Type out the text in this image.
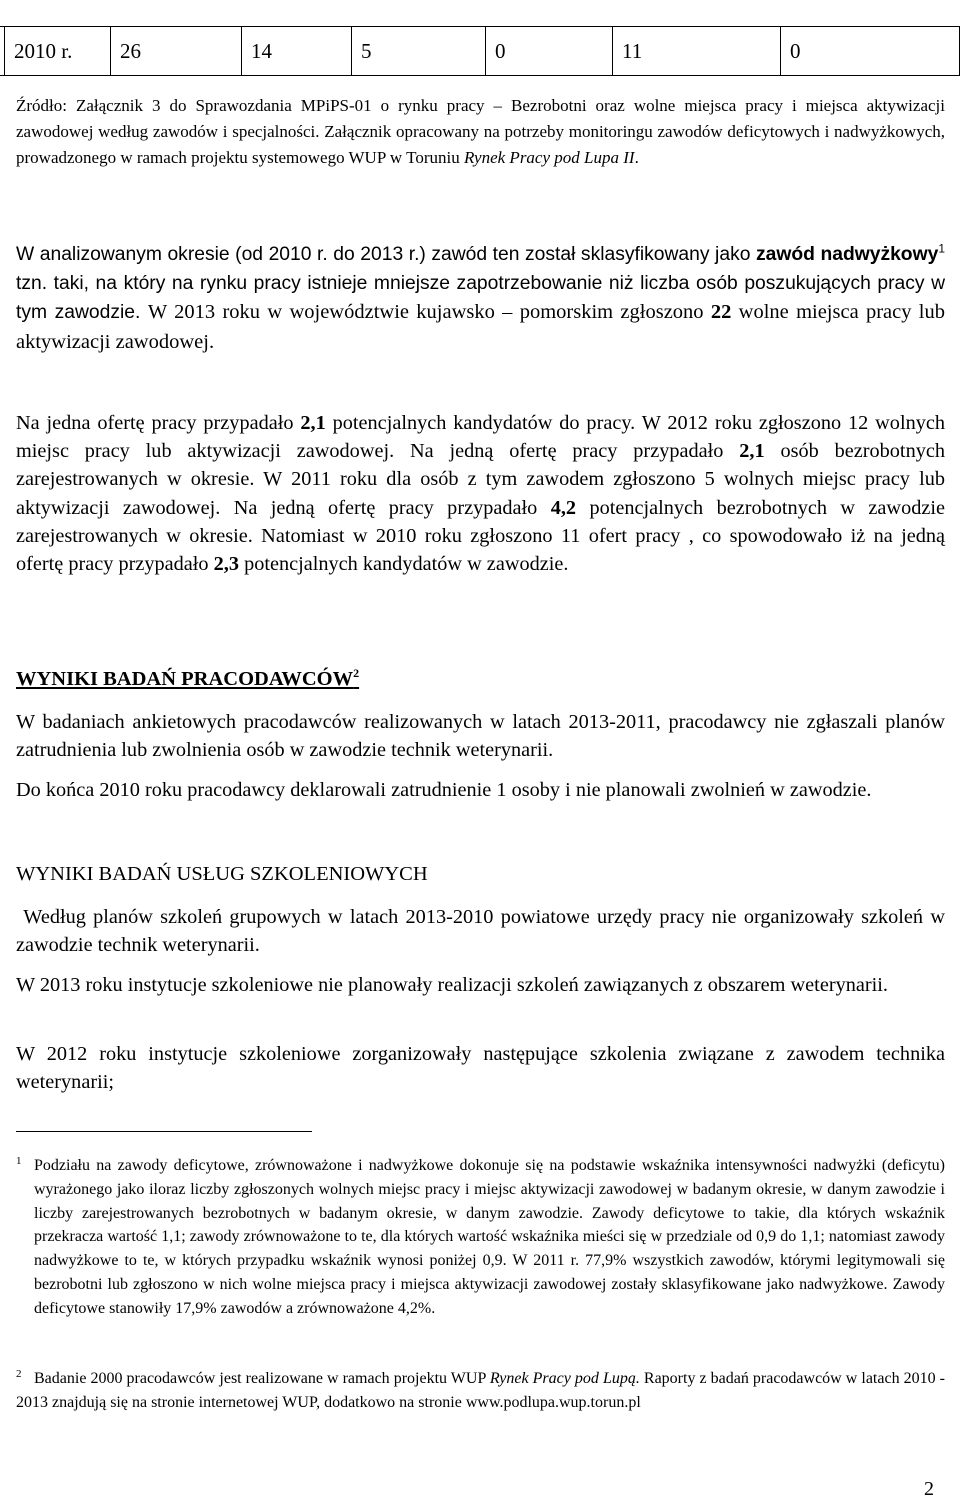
2010 r.	26	14	5	0	11	0
Źródło: Załącznik 3 do Sprawozdania MPiPS-01 o rynku pracy – Bezrobotni oraz wolne miejsca pracy i miejsca aktywizacji zawodowej według zawodów i specjalności. Załącznik opracowany na potrzeby monitoringu zawodów deficytowych i nadwyżkowych, prowadzonego w ramach projektu systemowego WUP w Toruniu Rynek Pracy pod Lupa II.
W analizowanym okresie (od 2010 r. do 2013 r.) zawód ten został sklasyfikowany jako zawód nadwyżkowy$^1$ tzn. taki, na który na rynku pracy istnieje mniejsze zapotrzebowanie niż liczba osób poszukujących pracy w tym zawodzie. W 2013 roku w województwie kujawsko – pomorskim zgłoszono 22 wolne miejsca pracy lub aktywizacji zawodowej.
Na jedna ofertę pracy przypadało 2,1 potencjalnych kandydatów do pracy. W 2012 roku zgłoszono 12 wolnych miejsc pracy lub aktywizacji zawodowej. Na jedną ofertę pracy przypadało 2,1 osób bezrobotnych zarejestrowanych w okresie. W 2011 roku dla osób z tym zawodem zgłoszono 5 wolnych miejsc pracy lub aktywizacji zawodowej. Na jedną ofertę pracy przypadało 4,2 potencjalnych bezrobotnych w zawodzie zarejestrowanych w okresie. Natomiast w 2010 roku zgłoszono 11 ofert pracy , co spowodowało iż na jedną ofertę pracy przypadało 2,3 potencjalnych kandydatów w zawodzie.
WYNIKI BADAŃ PRACODAWCÓW$^2$
W badaniach ankietowych pracodawców realizowanych w latach 2013-2011, pracodawcy nie zgłaszali planów zatrudnienia lub zwolnienia osób w zawodzie technik weterynarii.
Do końca 2010 roku pracodawcy deklarowali zatrudnienie 1 osoby i nie planowali zwolnień w zawodzie.
WYNIKI BADAŃ USŁUG SZKOLENIOWYCH
Według planów szkoleń grupowych w latach 2013-2010 powiatowe urzędy pracy nie organizowały szkoleń w zawodzie technik weterynarii.
W 2013 roku instytucje szkoleniowe nie planowały realizacji szkoleń zawiązanych z obszarem weterynarii.
W 2012 roku instytucje szkoleniowe zorganizowały następujące szkolenia związane z zawodem technika weterynarii;
1 Podziału na zawody deficytowe, zrównoważone i nadwyżkowe dokonuje się na podstawie wskaźnika intensywności nadwyżki (deficytu) wyrażonego jako iloraz liczby zgłoszonych wolnych miejsc pracy i miejsc aktywizacji zawodowej w badanym okresie, w danym zawodzie i liczby zarejestrowanych bezrobotnych w badanym okresie, w danym zawodzie. Zawody deficytowe to takie, dla których wskaźnik przekracza wartość 1,1; zawody zrównoważone to te, dla których wartość wskaźnika mieści się w przedziale od 0,9 do 1,1; natomiast zawody nadwyżkowe to te, w których przypadku wskaźnik wynosi poniżej 0,9. W 2011 r. 77,9% wszystkich zawodów, którymi legitymowali się bezrobotni lub zgłoszono w nich wolne miejsca pracy i miejsca aktywizacji zawodowej zostały sklasyfikowane jako nadwyżkowe. Zawody deficytowe stanowiły 17,9% zawodów a zrównoważone 4,2%.
2 Badanie 2000 pracodawców jest realizowane w ramach projektu WUP Rynek Pracy pod Lupą. Raporty z badań pracodawców w latach 2010 - 2013 znajdują się na stronie internetowej WUP, dodatkowo na stronie www.podlupa.wup.torun.pl
2
